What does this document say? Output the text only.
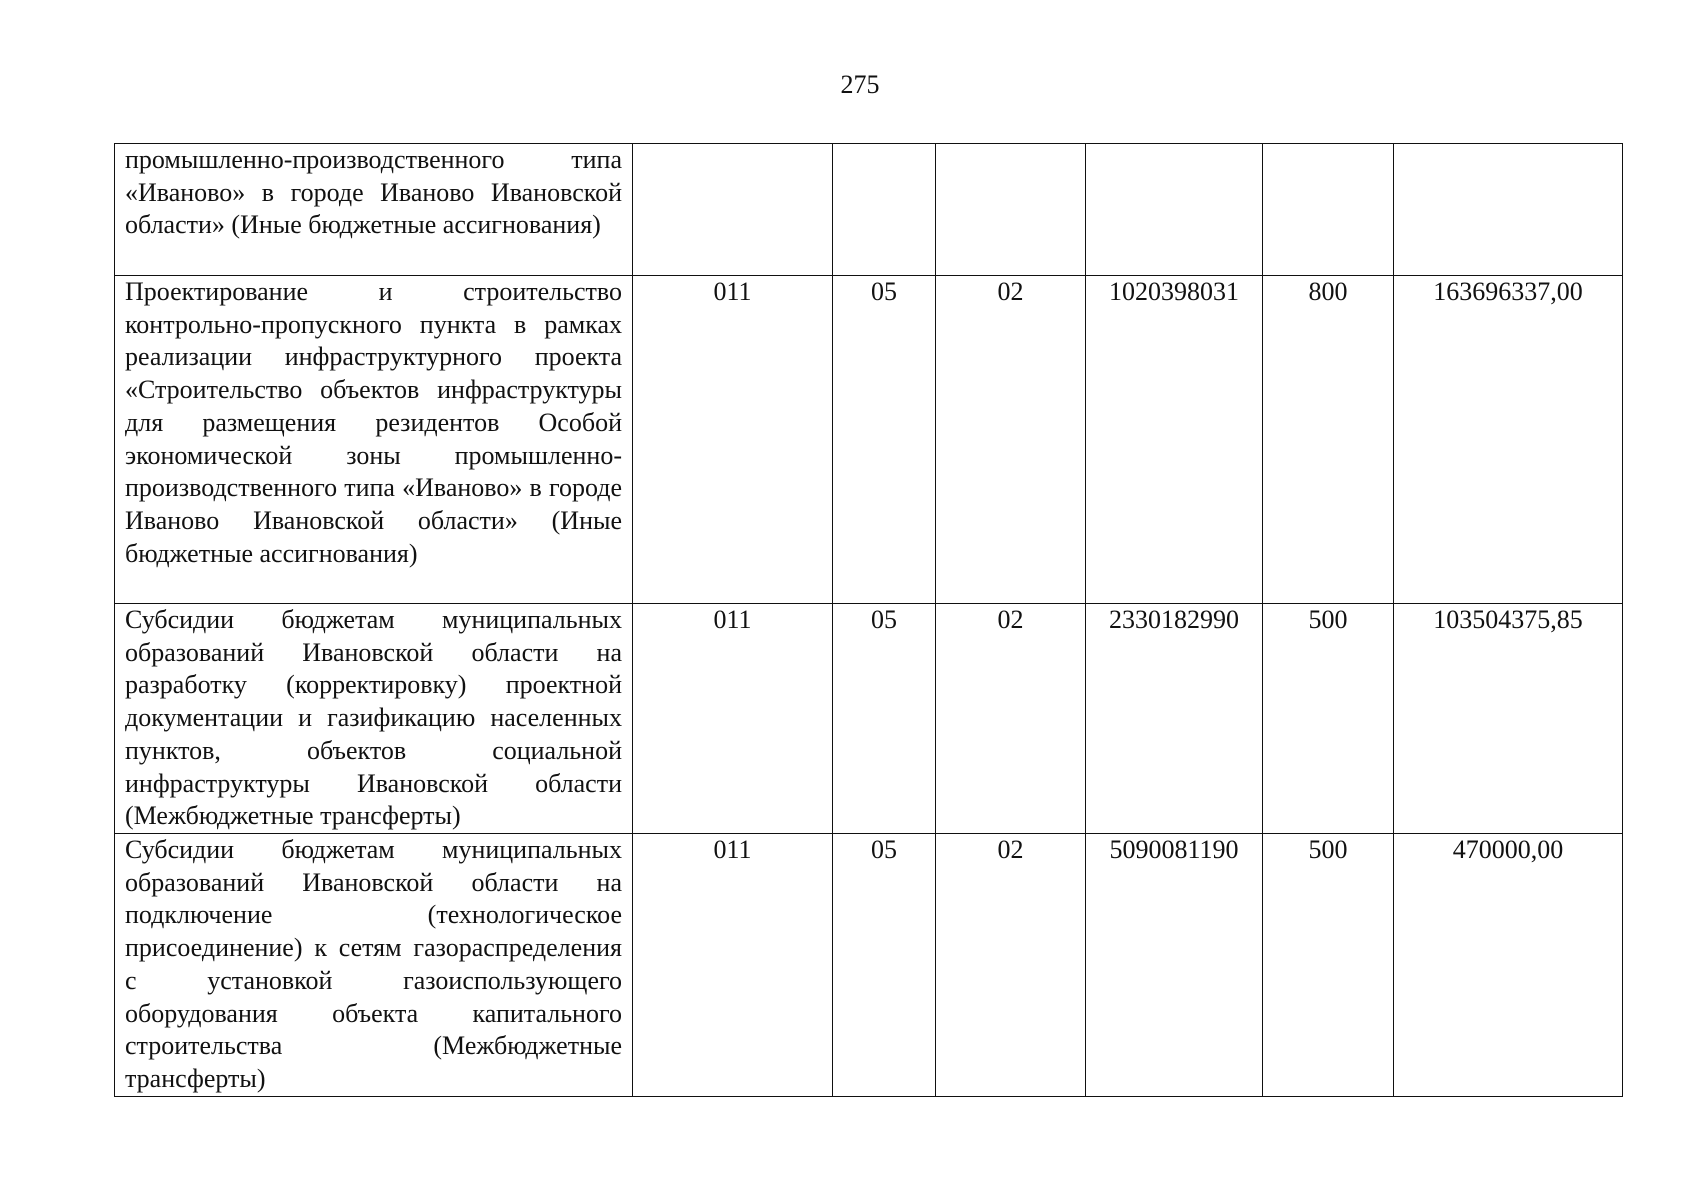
275
промышленно-производственного типа «Иваново» в городе Иваново Ивановской области» (Иные бюджетные ассигнования)						
Проектирование и строительство контрольно-пропускного пункта в рамках реализации инфраструктурного проекта «Строительство объектов инфраструктуры для размещения резидентов Особой экономической зоны промышленно-производственного типа «Иваново» в городе Иваново Ивановской области» (Иные бюджетные ассигнования)	011	05	02	1020398031	800	163696337,00
Субсидии бюджетам муниципальных образований Ивановской области на разработку (корректировку) проектной документации и газификацию населенных пунктов, объектов социальной инфраструктуры Ивановской области (Межбюджетные трансферты)	011	05	02	2330182990	500	103504375,85
Субсидии бюджетам муниципальных образований Ивановской области на подключение (технологическое присоединение) к сетям газораспределения с установкой газоиспользующего оборудования объекта капитального строительства (Межбюджетные трансферты)	011	05	02	5090081190	500	470000,00
